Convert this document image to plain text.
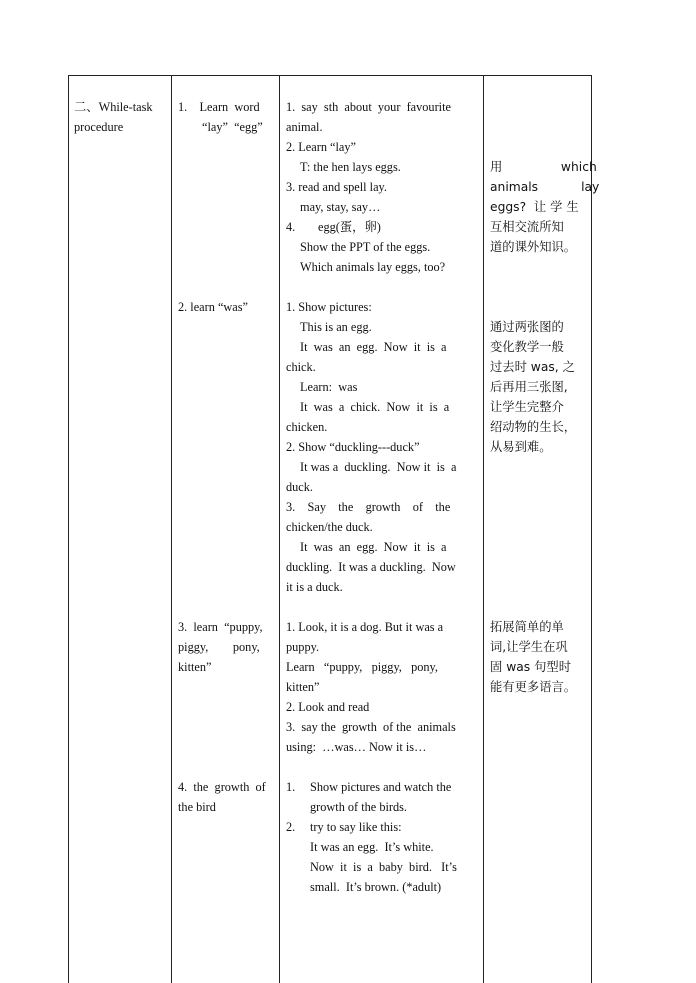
二、While-task
procedure
1.    Learn  word
“lay”  “egg”
1.  say  sth  about  your  favourite
animal.
2. Learn “lay”
T: the hen lays eggs.
3. read and spell lay.
may, stay, say…
4. egg(蛋，卵)
Show the PPT of the eggs.
Which animals lay eggs, too?
用               which
animals           lay
eggs?  让 学 生
互相交流所知
道的课外知识。
2. learn “was”	1. Show pictures:
This is an egg.
It  was  an  egg.  Now  it  is  a
chick.
Learn:  was
It  was  a  chick.  Now  it  is  a
chicken.
2. Show “duckling---duck”
It was a  duckling.  Now it  is  a
duck.
3.    Say    the    growth    of    the
chicken/the duck.
It  was  an  egg.  Now  it  is  a
duckling.  It was a duckling.  Now
it is a duck.
通过两张图的
变化教学一般
过去时 was, 之
后再用三张图,
让学生完整介
绍动物的生长，
从易到难。
3.  learn  “puppy,
piggy,        pony,
kitten”
1. Look, it is a dog. But it was a
puppy.
Learn   “puppy,   piggy,   pony,
kitten”
2. Look and read
3.  say the  growth  of the  animals
using:  …was… Now it is…
拓展简单的单
词,让学生在巩
固 was 句型时
能有更多语言。
4.  the  growth  of
the bird
1. Show pictures and watch the
growth of the birds.
2. try to say like this:
It was an egg.  It’s white.
Now  it  is  a  baby  bird.   It’s
small.  It’s brown. (*adult)
